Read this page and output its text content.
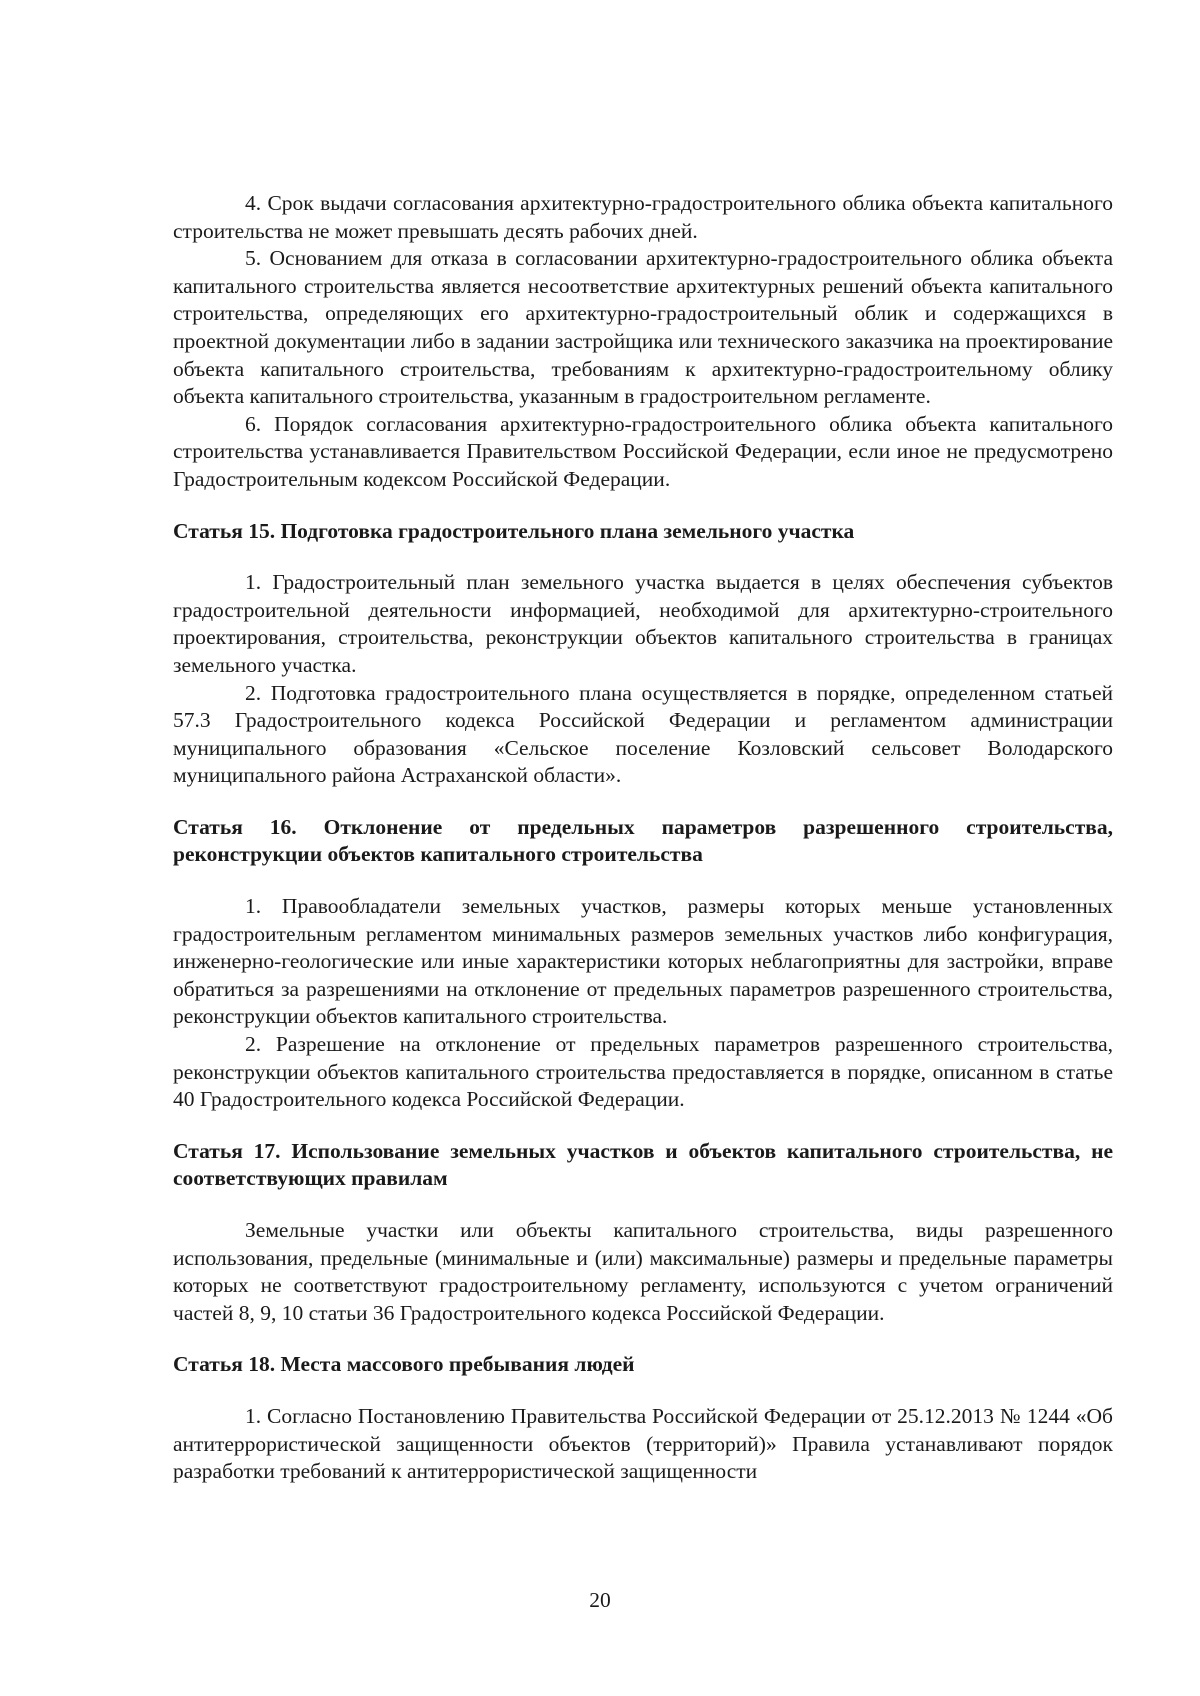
4. Срок выдачи согласования архитектурно-градостроительного облика объекта капитального строительства не может превышать десять рабочих дней.

5. Основанием для отказа в согласовании архитектурно-градостроительного облика объекта капитального строительства является несоответствие архитектурных решений объекта капитального строительства, определяющих его архитектурно-градостроительный облик и содержащихся в проектной документации либо в задании застройщика или технического заказчика на проектирование объекта капитального строительства, требованиям к архитектурно-градостроительному облику объекта капитального строительства, указанным в градостроительном регламенте.

6. Порядок согласования архитектурно-градостроительного облика объекта капитального строительства устанавливается Правительством Российской Федерации, если иное не предусмотрено Градостроительным кодексом Российской Федерации.

Статья 15. Подготовка градостроительного плана земельного участка

1. Градостроительный план земельного участка выдается в целях обеспечения субъектов градостроительной деятельности информацией, необходимой для архитектурно-строительного проектирования, строительства, реконструкции объектов капитального строительства в границах земельного участка.

2. Подготовка градостроительного плана осуществляется в порядке, определенном статьей 57.3 Градостроительного кодекса Российской Федерации и регламентом администрации муниципального образования «Сельское поселение Козловский сельсовет Володарского муниципального района Астраханской области».

Статья 16. Отклонение от предельных параметров разрешенного строительства, реконструкции объектов капитального строительства

1. Правообладатели земельных участков, размеры которых меньше установленных градостроительным регламентом минимальных размеров земельных участков либо конфигурация, инженерно-геологические или иные характеристики которых неблагоприятны для застройки, вправе обратиться за разрешениями на отклонение от предельных параметров разрешенного строительства, реконструкции объектов капитального строительства.

2. Разрешение на отклонение от предельных параметров разрешенного строительства, реконструкции объектов капитального строительства предоставляется в порядке, описанном в статье 40 Градостроительного кодекса Российской Федерации.

Статья 17. Использование земельных участков и объектов капитального строительства, не соответствующих правилам

Земельные участки или объекты капитального строительства, виды разрешенного использования, предельные (минимальные и (или) максимальные) размеры и предельные параметры которых не соответствуют градостроительному регламенту, используются с учетом ограничений частей 8, 9, 10 статьи 36 Градостроительного кодекса Российской Федерации.

Статья 18. Места массового пребывания людей

1. Согласно Постановлению Правительства Российской Федерации от 25.12.2013 № 1244 «Об антитеррористической защищенности объектов (территорий)» Правила устанавливают порядок разработки требований к антитеррористической защищенности

20
